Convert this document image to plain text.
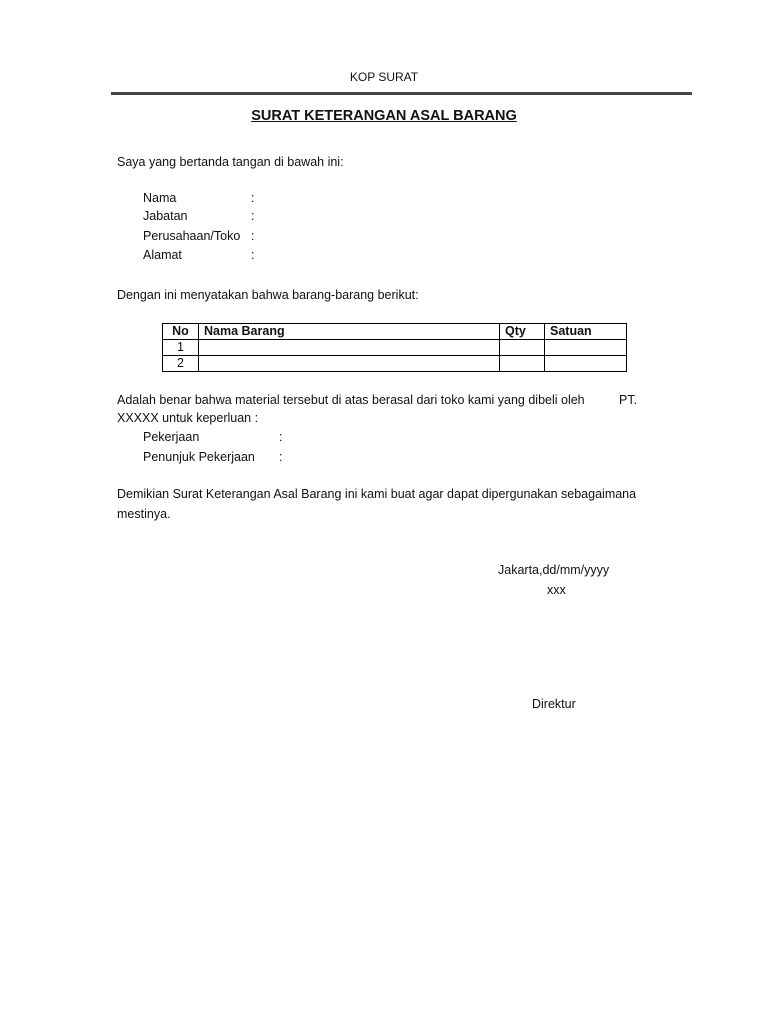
KOP SURAT
SURAT KETERANGAN ASAL BARANG
Saya yang bertanda tangan di bawah ini:
Nama	:
Jabatan	:
Perusahaan/Toko :
Alamat	:
Dengan ini menyatakan bahwa barang-barang berikut:
No	Nama Barang	Qty	Satuan
1			
2			
Adalah benar bahwa material tersebut di atas berasal dari toko kami yang dibeli oleh	PT.
XXXXX untuk keperluan :
Pekerjaan	:
Penunjuk Pekerjaan :
Demikian Surat Keterangan Asal Barang ini kami buat agar dapat dipergunakan sebagaimana
mestinya.
Jakarta,dd/mm/yyyy
xxx
Direktur
